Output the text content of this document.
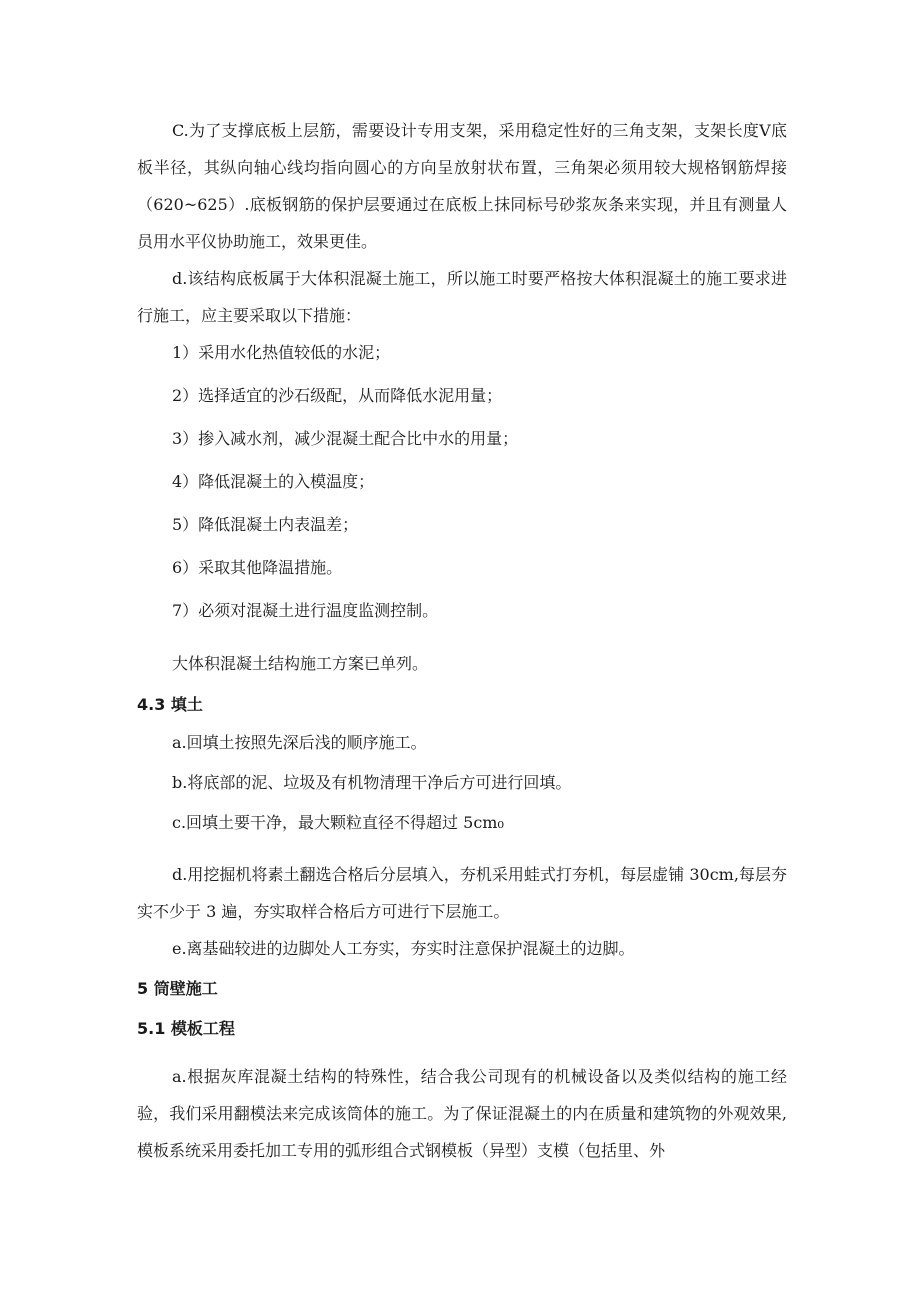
C.为了支撑底板上层筋，需要设计专用支架，采用稳定性好的三角支架，支架长度V底板半径，其纵向轴心线均指向圆心的方向呈放射状布置，三角架必须用较大规格钢筋焊接（620~625）.底板钢筋的保护层要通过在底板上抹同标号砂浆灰条来实现，并且有测量人员用水平仪协助施工，效果更佳。

d.该结构底板属于大体积混凝土施工，所以施工时要严格按大体积混凝土的施工要求进行施工，应主要采取以下措施：

1）采用水化热值较低的水泥；

2）选择适宜的沙石级配，从而降低水泥用量；

3）掺入减水剂，减少混凝土配合比中水的用量；

4）降低混凝土的入模温度；

5）降低混凝土内表温差；

6）采取其他降温措施。

7）必须对混凝土进行温度监测控制。

大体积混凝土结构施工方案已单列。

4.3 填土

a.回填土按照先深后浅的顺序施工。

b.将底部的泥、垃圾及有机物清理干净后方可进行回填。

c.回填土要干净，最大颗粒直径不得超过 5cm₀

d.用挖掘机将素土翻选合格后分层填入，夯机采用蛙式打夯机，每层虚铺 30cm,每层夯实不少于 3 遍，夯实取样合格后方可进行下层施工。

e.离基础较进的边脚处人工夯实，夯实时注意保护混凝土的边脚。

5 筒壁施工

5.1 模板工程

a.根据灰库混凝土结构的特殊性，结合我公司现有的机械设备以及类似结构的施工经验，我们采用翻模法来完成该筒体的施工。为了保证混凝土的内在质量和建筑物的外观效果,模板系统采用委托加工专用的弧形组合式钢模板（异型）支模（包括里、外
